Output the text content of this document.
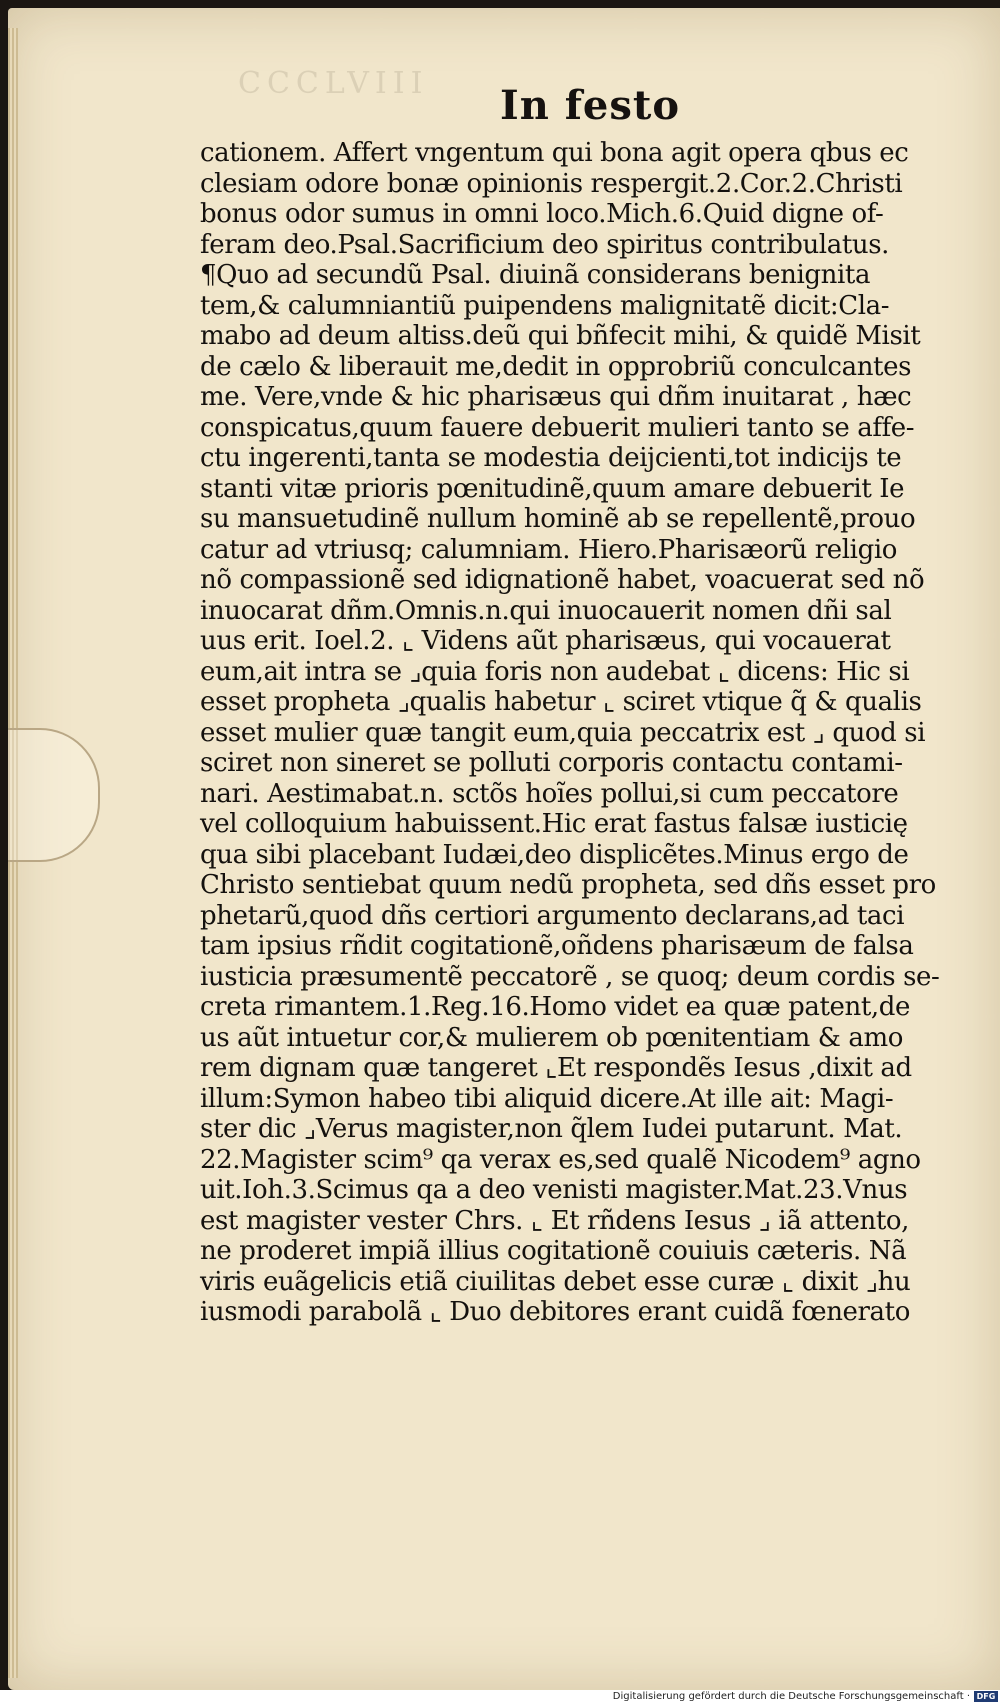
CCCLVIII	In festo
cationem. Affert vngentum qui bona agit opera qbus ec
clesiam odore bonæ opinionis respergit.2.Cor.2.Christi
bonus odor sumus in omni loco.Mich.6.Quid digne of-
feram deo.Psal.Sacrificium deo spiritus contribulatus.
¶Quo ad secundũ Psal. diuinã considerans benignita
tem,& calumniantiũ puipendens malignitatẽ dicit:Cla-
mabo ad deum altiss.deũ qui bñfecit mihi, & quidẽ Misit
de cælo & liberauit me,dedit in opprobriũ conculcantes
me. Vere,vnde & hic pharisæus qui dñm inuitarat , hæc
conspicatus,quum fauere debuerit mulieri tanto se affe-
ctu ingerenti,tanta se modestia deijcienti,tot indicijs te
stanti vitæ prioris pœnitudinẽ,quum amare debuerit Ie
su mansuetudinẽ nullum hominẽ ab se repellentẽ,prouo
catur ad vtriusq; calumniam. Hiero.Pharisæorũ religio
nõ compassionẽ sed idignationẽ habet, voacuerat sed nõ
inuocarat dñm.Omnis.n.qui inuocauerit nomen dñi sal
uus erit. Ioel.2. ⌞ Videns aũt pharisæus, qui vocauerat
eum,ait intra se ⌟quia foris non audebat ⌞ dicens: Hic si
esset propheta ⌟qualis habetur ⌞ sciret vtique q̃ & qualis
esset mulier quæ tangit eum,quia peccatrix est ⌟ quod si
sciret non sineret se polluti corporis contactu contami-
nari. Aestimabat.n. sctõs hoĩes pollui,si cum peccatore
vel colloquium habuissent.Hic erat fastus falsæ iusticię
qua sibi placebant Iudæi,deo displicẽtes.Minus ergo de
Christo sentiebat quum nedũ propheta, sed dñs esset pro
phetarũ,quod dñs certiori argumento declarans,ad taci
tam ipsius rñdit cogitationẽ,oñdens pharisæum de falsa
iusticia præsumentẽ peccatorẽ , se quoq; deum cordis se-
creta rimantem.1.Reg.16.Homo videt ea quæ patent,de
us aũt intuetur cor,& mulierem ob pœnitentiam & amo
rem dignam quæ tangeret ⌞Et respondẽs Iesus ,dixit ad
illum:Symon habeo tibi aliquid dicere.At ille ait: Magi-
ster dic ⌟Verus magister,non q̃lem Iudei putarunt. Mat.
22.Magister scim⁹ qa verax es,sed qualẽ Nicodem⁹ agno
uit.Ioh.3.Scimus qa a deo venisti magister.Mat.23.Vnus
est magister vester Chrs. ⌞ Et rñdens Iesus ⌟ iã attento,
ne proderet impiã illius cogitationẽ couiuis cæteris. Nã
viris euãgelicis etiã ciuilitas debet esse curæ ⌞ dixit ⌟hu
iusmodi parabolã ⌞ Duo debitores erant cuidã fœnerato
Digitalisierung gefördert durch die Deutsche Forschungsgemeinschaft · DFG
